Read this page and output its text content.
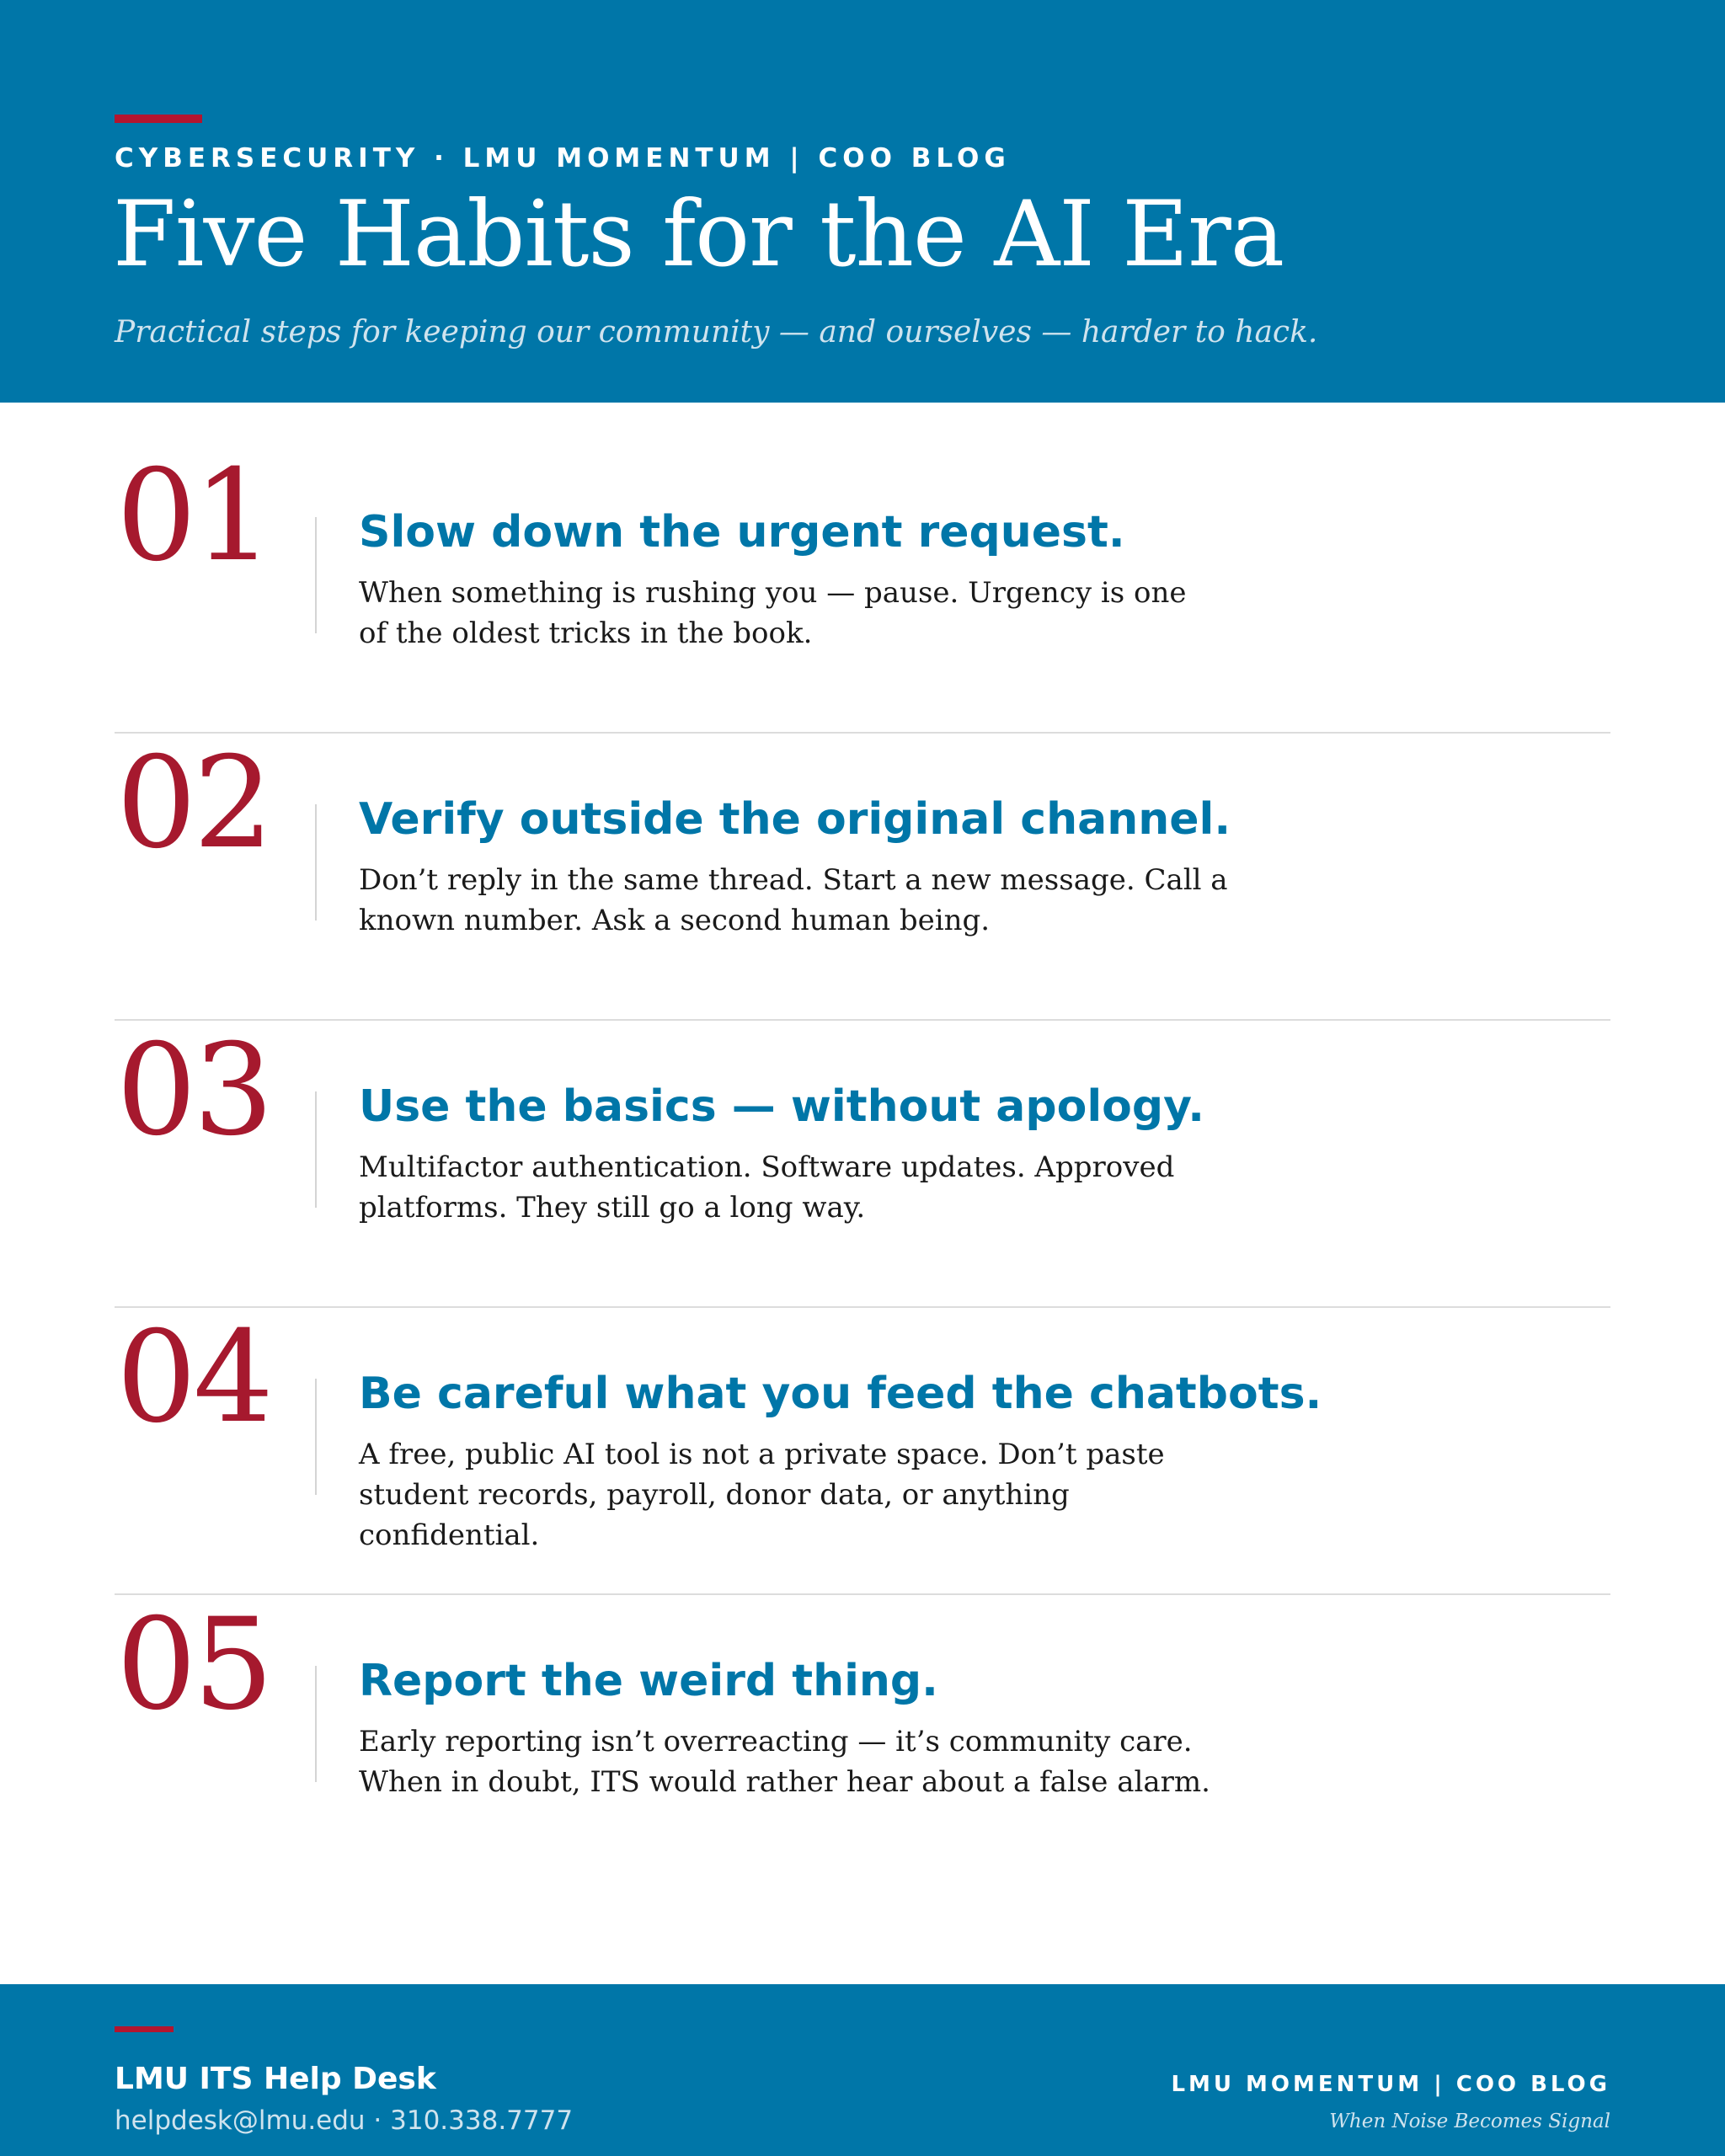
CYBERSECURITY · LMU MOMENTUM | COO BLOG
Five Habits for the AI Era

Practical steps for keeping our community — and ourselves — harder to hack.

01 Slow down the urgent request.

When something is rushing you — pause. Urgency is one of the oldest tricks in the book.

02 Verify outside the original channel.

Don’t reply in the same thread. Start a new message. Call a known number. Ask a second human being.

03 Use the basics — without apology.

Multifactor authentication. Software updates. Approved platforms. They still go a long way.

04 Be careful what you feed the chatbots.

A free, public AI tool is not a private space. Don’t paste student records, payroll, donor data, or anything confidential.

05 Report the weird thing.

Early reporting isn’t overreacting — it’s community care. When in doubt, ITS would rather hear about a false alarm.

LMU ITS Help Desk
helpdesk@lmu.edu · 310.338.7777
LMU MOMENTUM | COO BLOG
When Noise Becomes Signal
